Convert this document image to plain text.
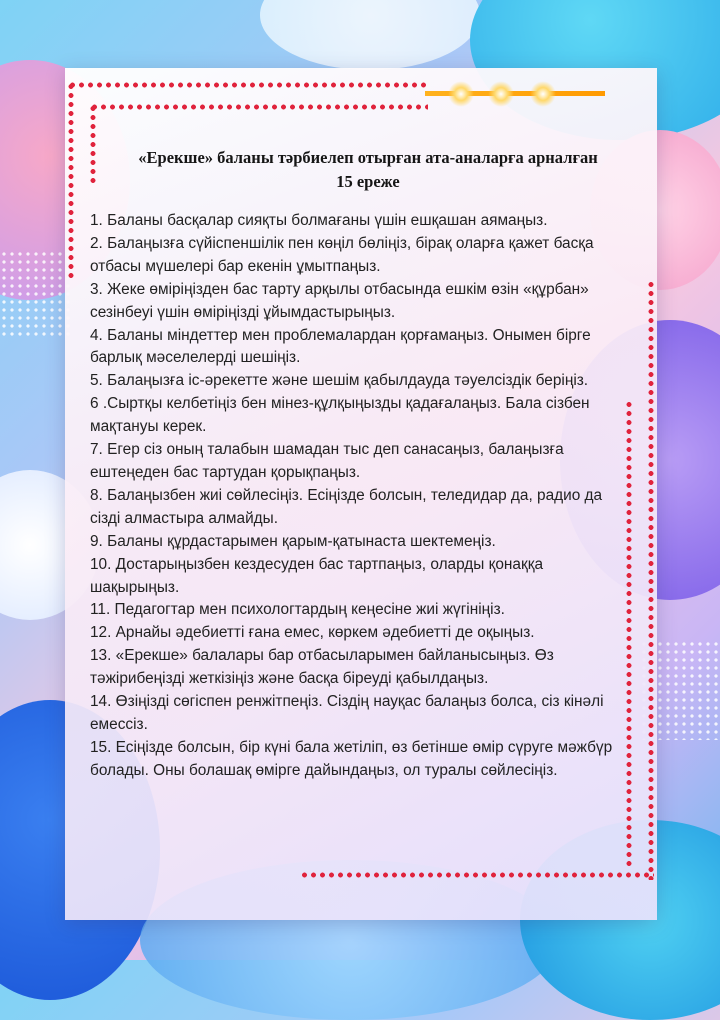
«Ерекше» баланы тәрбиелеп отырған ата-аналарға арналған
15 ереже

1. Баланы басқалар сияқты болмағаны үшін ешқашан аямаңыз.

2. Балаңызға сүйіспеншілік пен көңіл бөліңіз, бірақ оларға қажет басқа отбасы мүшелері бар екенін ұмытпаңыз.

3. Жеке өміріңізден бас тарту арқылы отбасында ешкім өзін «құрбан» сезінбеуі үшін өміріңізді ұйымдастырыңыз.

4. Баланы міндеттер мен проблемалардан қорғамаңыз. Онымен бірге барлық мәселелерді шешіңіз.

5. Балаңызға іс-әрекетте және шешім қабылдауда тәуелсіздік беріңіз.

6 .Сыртқы келбетіңіз бен мінез-құлқыңызды қадағалаңыз. Бала сізбен мақтануы керек.

7. Егер сіз оның талабын шамадан тыс деп санасаңыз, балаңызға ештеңеден бас тартудан қорықпаңыз.

8. Балаңызбен жиі сөйлесіңіз. Есіңізде болсын, теледидар да, радио да сізді алмастыра алмайды.

9. Баланы құрдастарымен қарым-қатынаста шектемеңіз.

10. Достарыңызбен кездесуден бас тартпаңыз, оларды қонаққа шақырыңыз.

11. Педагогтар мен психологтардың кеңесіне жиі жүгініңіз.

12. Арнайы әдебиетті ғана емес, көркем әдебиетті де оқыңыз.

13. «Ерекше» балалары бар отбасыларымен байланысыңыз. Өз тәжірибеңізді жеткізіңіз және басқа біреуді қабылдаңыз.

14. Өзіңізді сөгіспен ренжітпеңіз. Сіздің науқас балаңыз болса, сіз кінәлі емессіз.

15. Есіңізде болсын, бір күні бала жетіліп, өз бетінше өмір сүруге мәжбүр болады. Оны болашақ өмірге дайындаңыз, ол туралы сөйлесіңіз.
